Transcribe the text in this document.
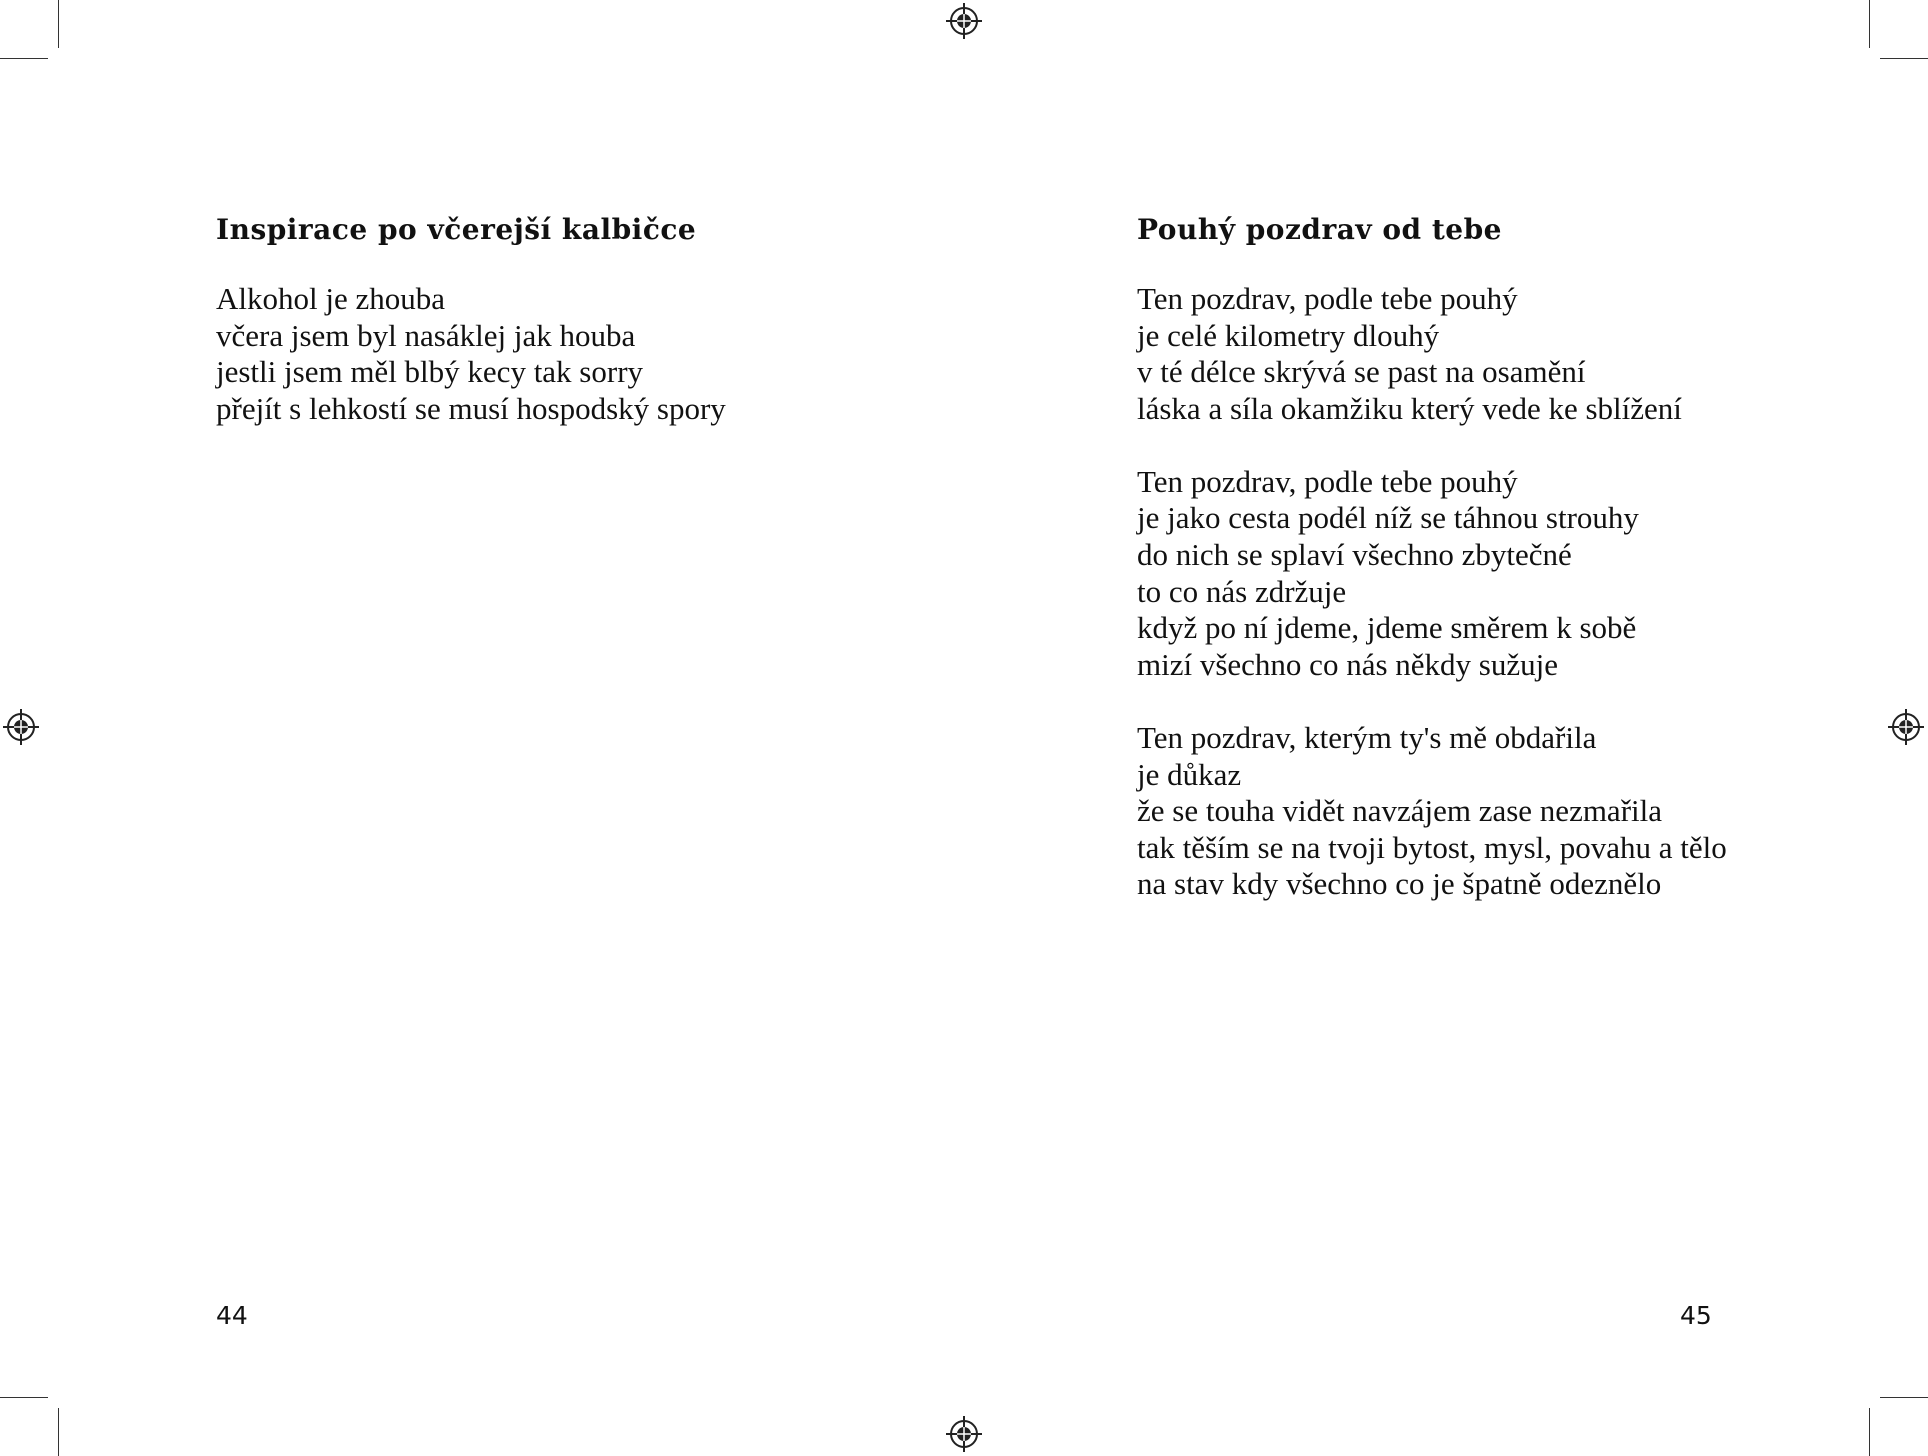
Inspirace po včerejší kalbičce
Alkohol je zhouba
včera jsem byl nasáklej jak houba
jestli jsem měl blbý kecy tak sorry
přejít s lehkostí se musí hospodský spory
44
Pouhý pozdrav od tebe
Ten pozdrav, podle tebe pouhý
je celé kilometry dlouhý
v té délce skrývá se past na osamění
láska a síla okamžiku který vede ke sblížení
Ten pozdrav, podle tebe pouhý
je jako cesta podél níž se táhnou strouhy
do nich se splaví všechno zbytečné
to co nás zdržuje
když po ní jdeme, jdeme směrem k sobě
mizí všechno co nás někdy sužuje
Ten pozdrav, kterým ty's mě obdařila
je důkaz
že se touha vidět navzájem zase nezmařila
tak těším se na tvoji bytost, mysl, povahu a tělo
na stav kdy všechno co je špatně odeznělo
45
